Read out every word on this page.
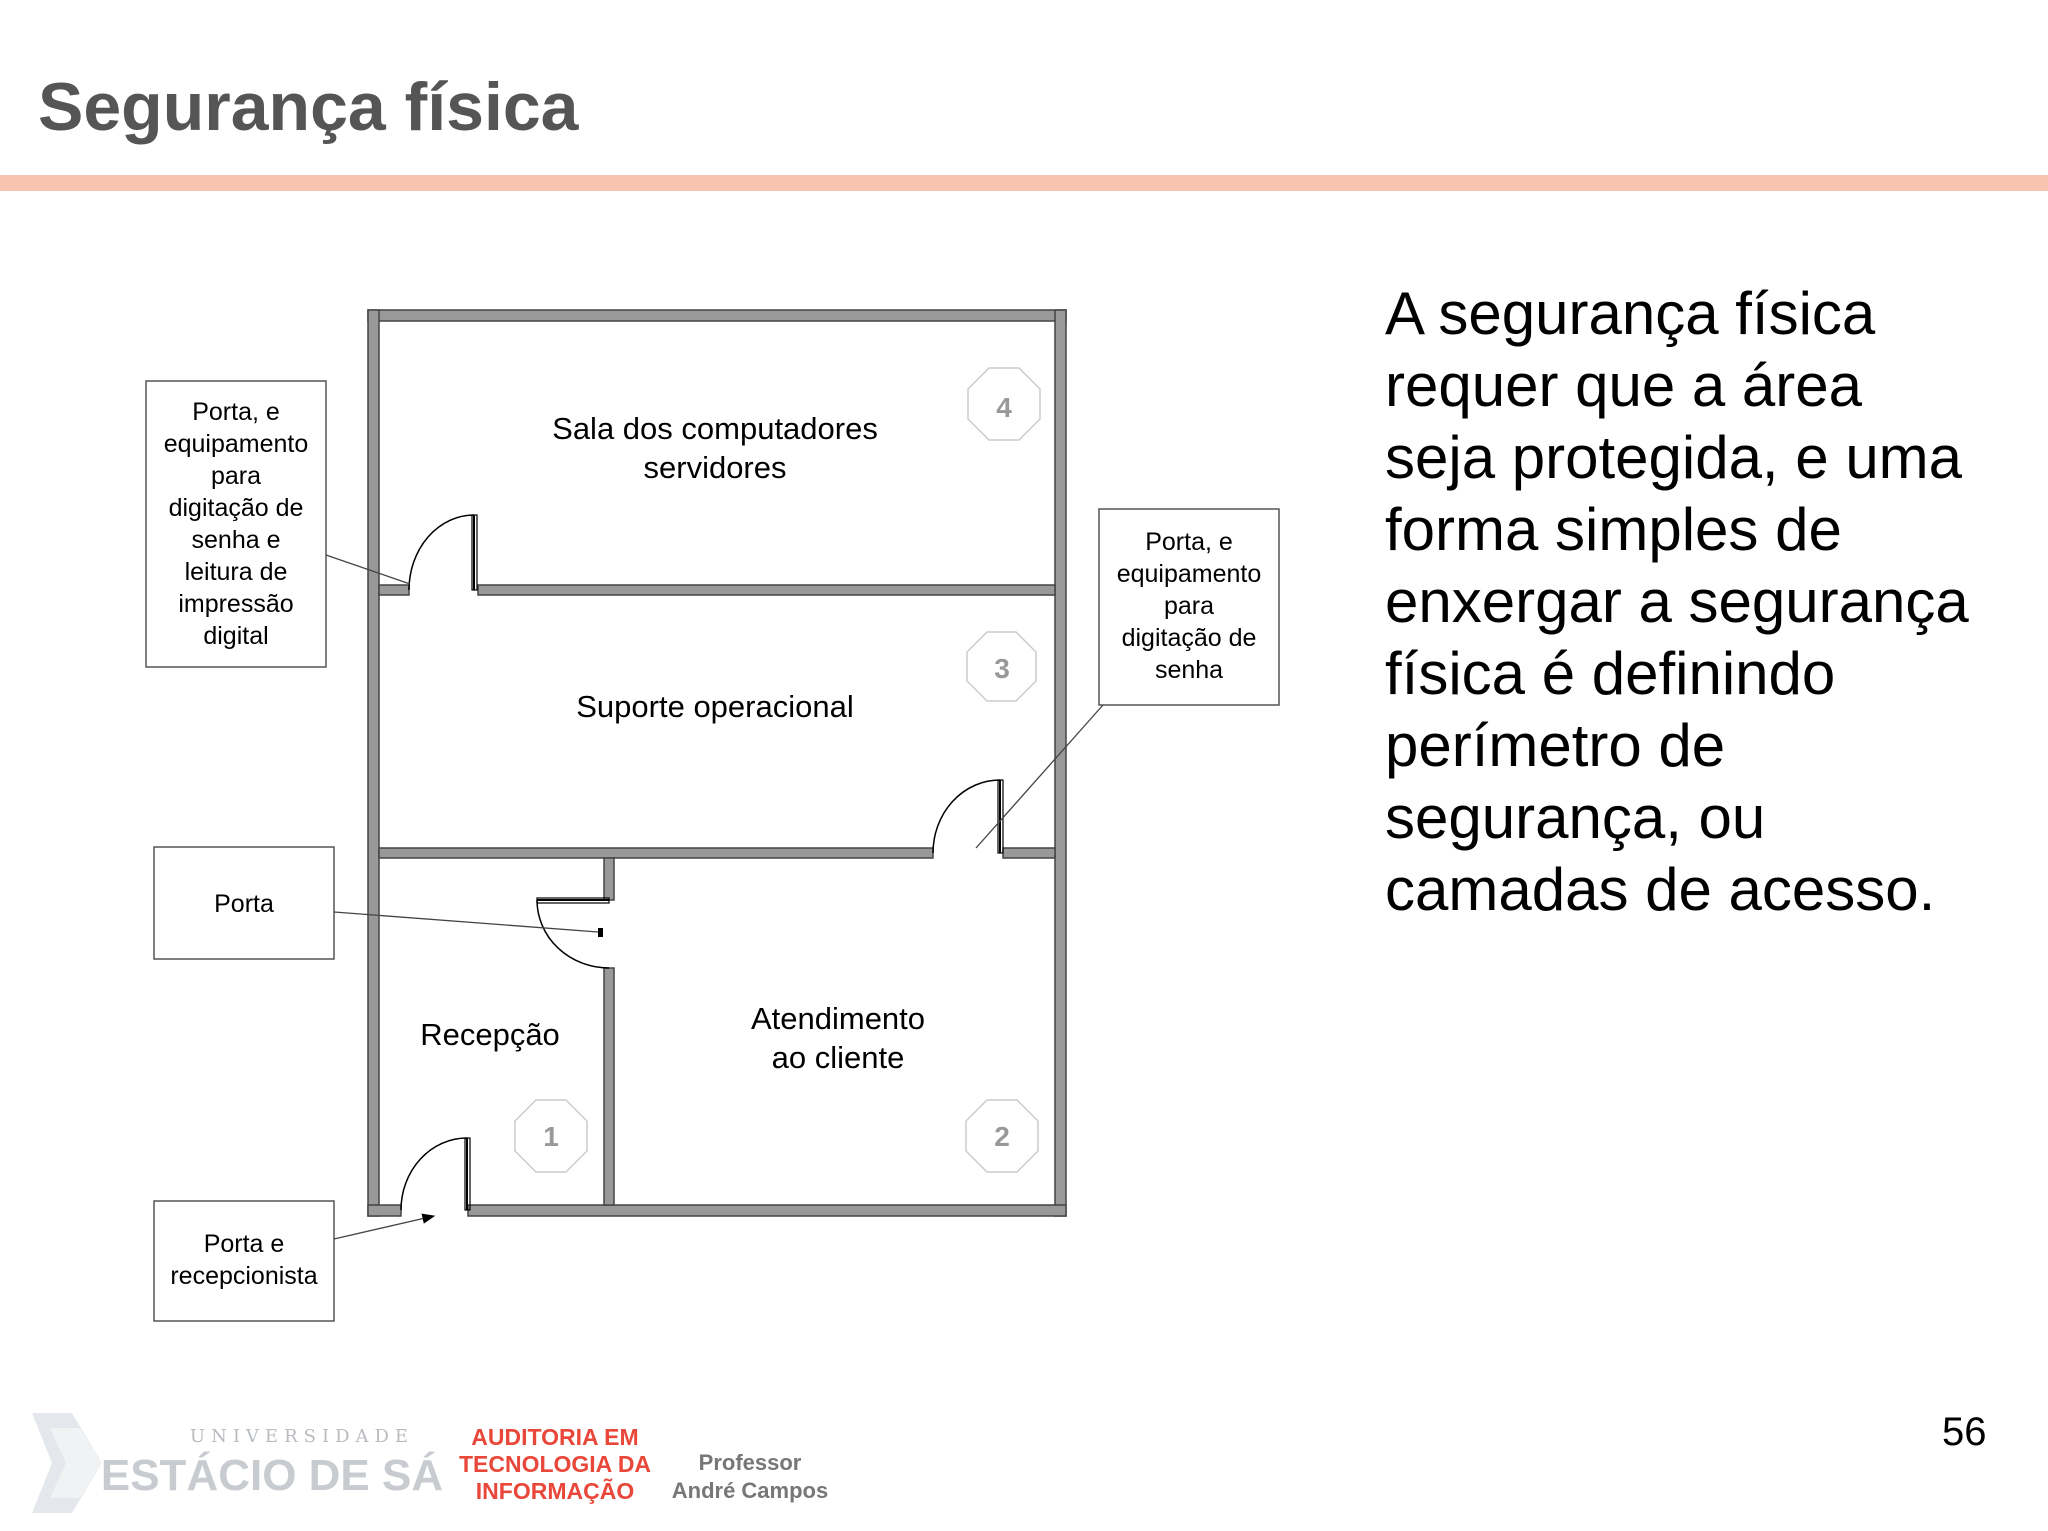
Segurança física
4
3
1	2
Sala dos computadores
servidores
Suporte operacional
Recepção	Atendimento
ao cliente
Porta, e
equipamento
para
digitação de
senha e
leitura de
impressão
digital
Porta, e
equipamento
para
digitação de
senha
Porta
Porta e
recepcionista

A segurança física requer que a área seja protegida, e uma forma simples de enxergar a segurança física é definindo perímetro de segurança, ou camadas de acesso.

56
UNIVERSIDADE
ESTÁCIO DE SÁ
AUDITORIA EM
TECNOLOGIA DA
INFORMAÇÃO
Professor
André Campos
